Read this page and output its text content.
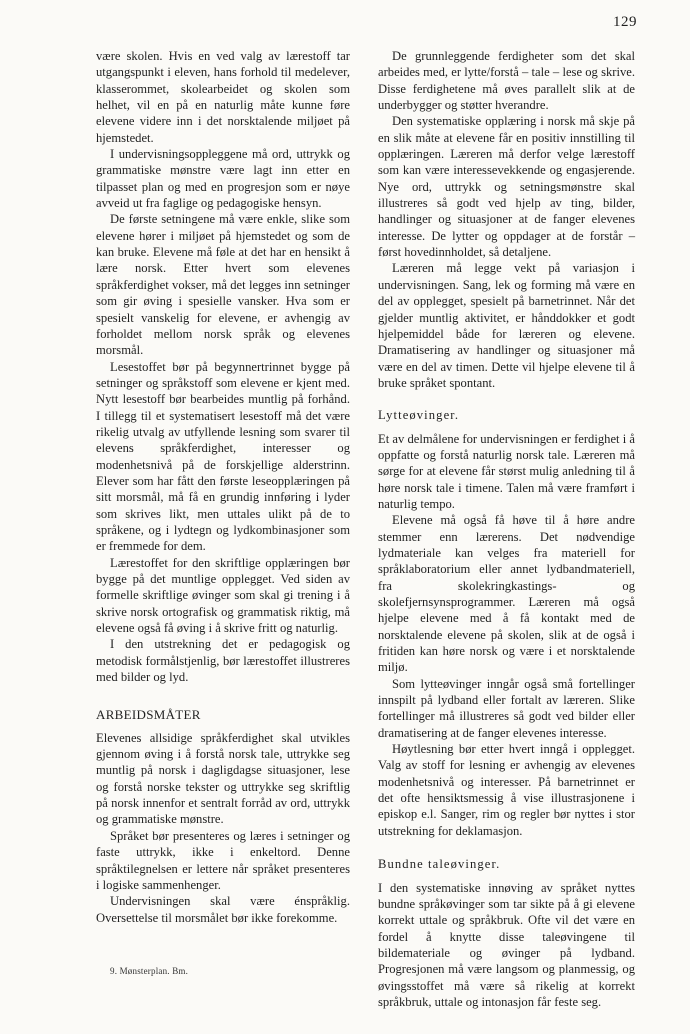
129

være skolen. Hvis en ved valg av lærestoff tar utgangspunkt i eleven, hans forhold til medelever, klasserommet, skolearbeidet og skolen som helhet, vil en på en naturlig måte kunne føre elevene videre inn i det norsktalende miljøet på hjemstedet.

I undervisningsoppleggene må ord, uttrykk og grammatiske mønstre være lagt inn etter en tilpasset plan og med en progresjon som er nøye avveid ut fra faglige og pedagogiske hensyn.

De første setningene må være enkle, slike som elevene hører i miljøet på hjemstedet og som de kan bruke. Elevene må føle at det har en hensikt å lære norsk. Etter hvert som elevenes språkferdighet vokser, må det legges inn setninger som gir øving i spesielle vansker. Hva som er spesielt vanskelig for elevene, er avhengig av forholdet mellom norsk språk og elevenes morsmål.

Lesestoffet bør på begynnertrinnet bygge på setninger og språkstoff som elevene er kjent med. Nytt lesestoff bør bearbeides muntlig på forhånd. I tillegg til et systematisert lesestoff må det være rikelig utvalg av utfyllende lesning som svarer til elevens språkferdighet, interesser og modenhetsnivå på de forskjellige alderstrinn. Elever som har fått den første leseopplæringen på sitt morsmål, må få en grundig innføring i lyder som skrives likt, men uttales ulikt på de to språkene, og i lydtegn og lydkombinasjoner som er fremmede for dem.

Lærestoffet for den skriftlige opplæringen bør bygge på det muntlige opplegget. Ved siden av formelle skriftlige øvinger som skal gi trening i å skrive norsk ortografisk og grammatisk riktig, må elevene også få øving i å skrive fritt og naturlig.

I den utstrekning det er pedagogisk og metodisk formålstjenlig, bør lærestoffet illustreres med bilder og lyd.

ARBEIDSMÅTER

Elevenes allsidige språkferdighet skal utvikles gjennom øving i å forstå norsk tale, uttrykke seg muntlig på norsk i dagligdagse situasjoner, lese og forstå norske tekster og uttrykke seg skriftlig på norsk innenfor et sentralt forråd av ord, uttrykk og grammatiske mønstre.

Språket bør presenteres og læres i setninger og faste uttrykk, ikke i enkeltord. Denne språktilegnelsen er lettere når språket presenteres i logiske sammenhenger.

Undervisningen skal være énspråklig. Oversettelse til morsmålet bør ikke forekomme.

De grunnleggende ferdigheter som det skal arbeides med, er lytte/forstå – tale – lese og skrive. Disse ferdighetene må øves parallelt slik at de underbygger og støtter hverandre.

Den systematiske opplæring i norsk må skje på en slik måte at elevene får en positiv innstilling til opplæringen. Læreren må derfor velge lærestoff som kan være interessevekkende og engasjerende. Nye ord, uttrykk og setningsmønstre skal illustreres så godt ved hjelp av ting, bilder, handlinger og situasjoner at de fanger elevenes interesse. De lytter og oppdager at de forstår – først hovedinnholdet, så detaljene.

Læreren må legge vekt på variasjon i undervisningen. Sang, lek og forming må være en del av opplegget, spesielt på barnetrinnet. Når det gjelder muntlig aktivitet, er hånddokker et godt hjelpemiddel både for læreren og elevene. Dramatisering av handlinger og situasjoner må være en del av timen. Dette vil hjelpe elevene til å bruke språket spontant.

Lytteøvinger.

Et av delmålene for undervisningen er ferdighet i å oppfatte og forstå naturlig norsk tale. Læreren må sørge for at elevene får størst mulig anledning til å høre norsk tale i timene. Talen må være framført i naturlig tempo.

Elevene må også få høve til å høre andre stemmer enn lærerens. Det nødvendige lydmateriale kan velges fra materiell for språklaboratorium eller annet lydbandmateriell, fra skolekringkastings- og skolefjernsynsprogrammer. Læreren må også hjelpe elevene med å få kontakt med de norsktalende elevene på skolen, slik at de også i fritiden kan høre norsk og være i et norsktalende miljø.

Som lytteøvinger inngår også små fortellinger innspilt på lydband eller fortalt av læreren. Slike fortellinger må illustreres så godt ved bilder eller dramatisering at de fanger elevenes interesse.

Høytlesning bør etter hvert inngå i opplegget. Valg av stoff for lesning er avhengig av elevenes modenhetsnivå og interesser. På barnetrinnet er det ofte hensiktsmessig å vise illustrasjonene i episkop e.l. Sanger, rim og regler bør nyttes i stor utstrekning for deklamasjon.

Bundne taleøvinger.

I den systematiske innøving av språket nyttes bundne språkøvinger som tar sikte på å gi elevene korrekt uttale og språkbruk. Ofte vil det være en fordel å knytte disse taleøvingene til bildemateriale og øvinger på lydband. Progresjonen må være langsom og planmessig, og øvingsstoffet må være så rikelig at korrekt språkbruk, uttale og intonasjon får feste seg.

9. Mønsterplan. Bm.
